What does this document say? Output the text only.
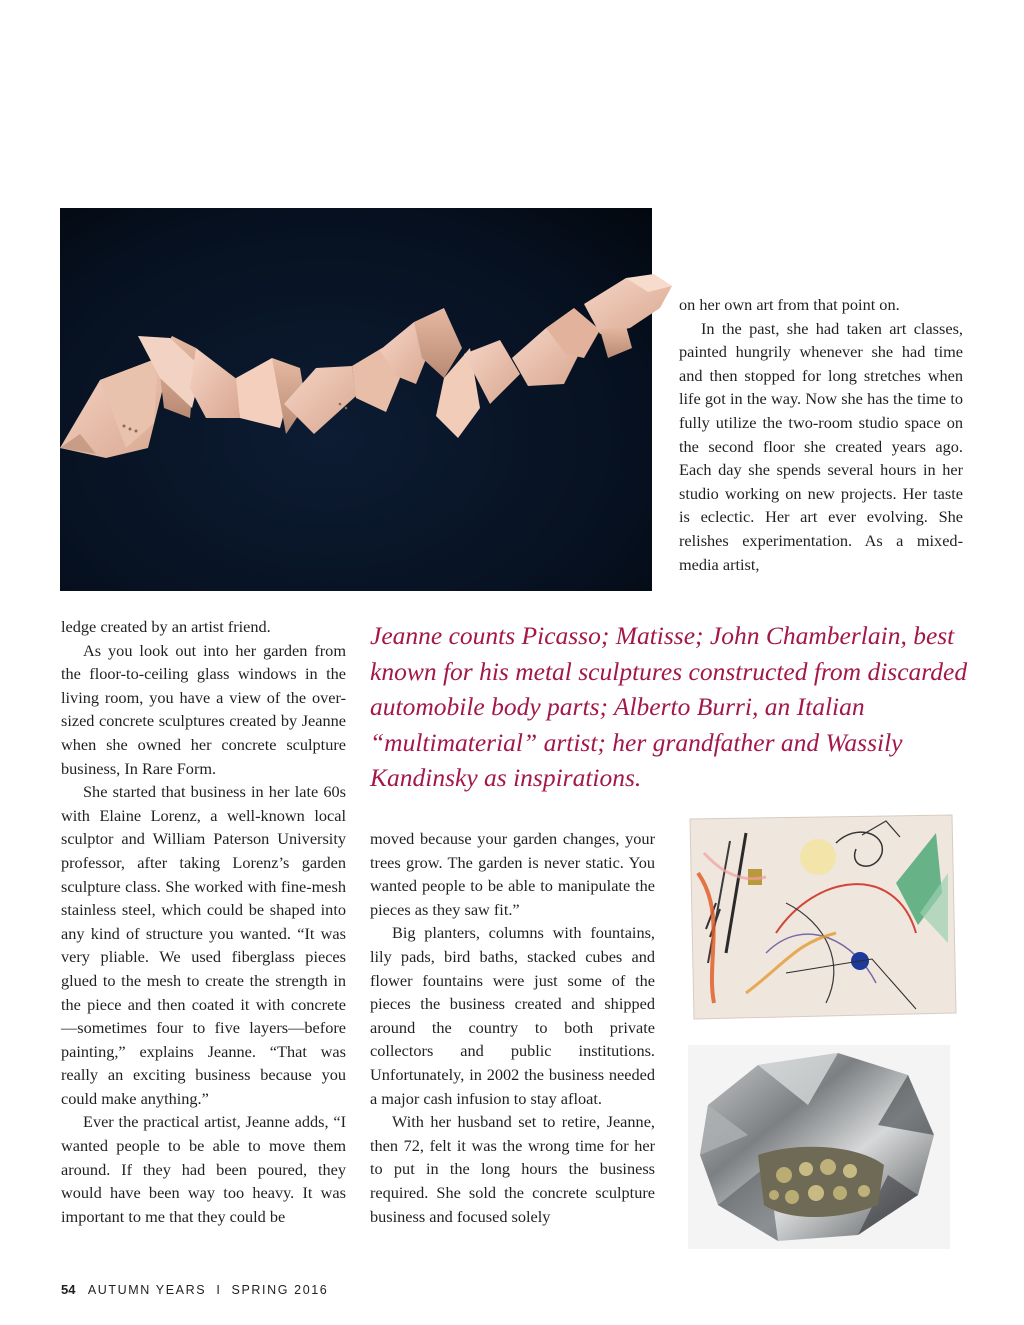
on her own art from that point on.

In the past, she had taken art classes, painted hungrily whenever she had time and then stopped for long stretches when life got in the way. Now she has the time to fully utilize the two-room studio space on the second floor she created years ago. Each day she spends several hours in her studio working on new projects. Her taste is eclectic. Her art ever evolving. She relishes experimentation. As a mixed-media artist,

ledge created by an artist friend.

As you look out into her garden from the floor-to-ceiling glass windows in the living room, you have a view of the over-sized concrete sculptures created by Jeanne when she owned her concrete sculpture business, In Rare Form.

She started that business in her late 60s with Elaine Lorenz, a well-known local sculptor and William Paterson University professor, after taking Lorenz’s garden sculpture class. She worked with fine-mesh stainless steel, which could be shaped into any kind of structure you wanted. “It was very pliable. We used fiberglass pieces glued to the mesh to create the strength in the piece and then coated it with concrete—sometimes four to five layers—before painting,” explains Jeanne. “That was really an exciting business because you could make anything.”

Ever the practical artist, Jeanne adds, “I wanted people to be able to move them around. If they had been poured, they would have been way too heavy. It was important to me that they could be

Jeanne counts Picasso; Matisse; John Chamberlain, best known for his metal sculptures constructed from discarded automobile body parts; Alberto Burri, an Italian “multimaterial” artist; her grandfather and Wassily Kandinsky as inspirations.

moved because your garden changes, your trees grow. The garden is never static. You wanted people to be able to manipulate the pieces as they saw fit.”

Big planters, columns with fountains, lily pads, bird baths, stacked cubes and flower fountains were just some of the pieces the business created and shipped around the country to both private collectors and public institutions. Unfortunately, in 2002 the business needed a major cash infusion to stay afloat.

With her husband set to retire, Jeanne, then 72, felt it was the wrong time for her to put in the long hours the business required. She sold the concrete sculpture business and focused solely

54 AUTUMN YEARS I SPRING 2016
